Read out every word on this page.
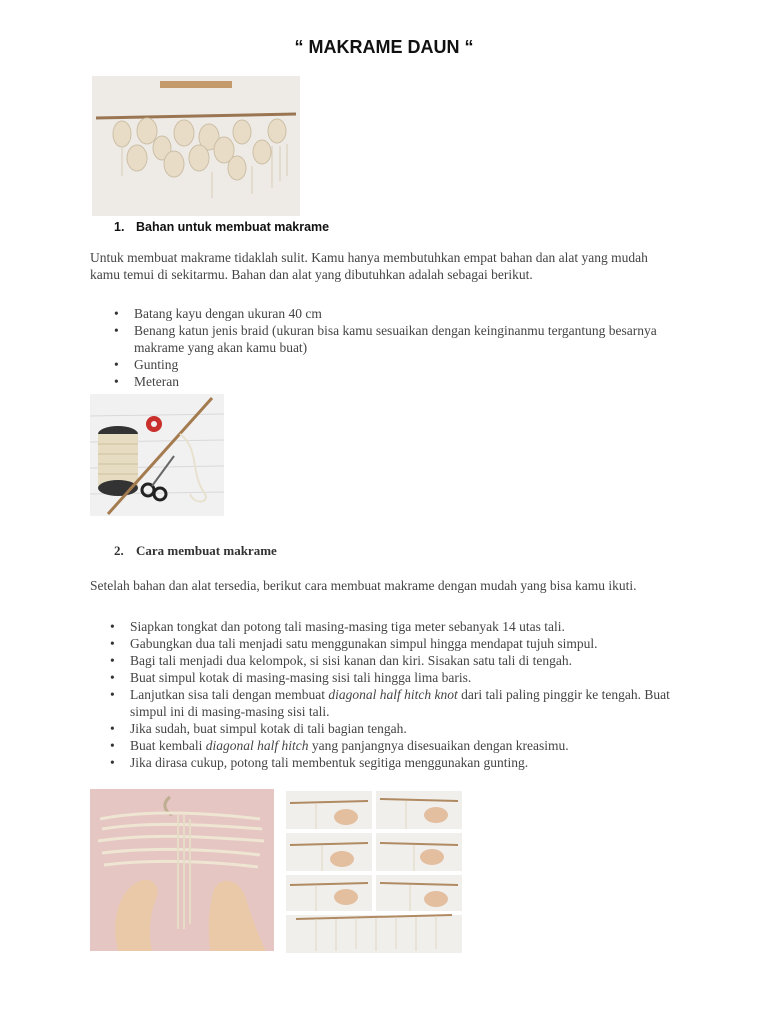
“ MAKRAME DAUN “
1. Bahan untuk membuat makrame
Untuk membuat makrame tidaklah sulit. Kamu hanya membutuhkan empat bahan dan alat yang mudah kamu temui di sekitarmu. Bahan dan alat yang dibutuhkan adalah sebagai berikut.
• Batang kayu dengan ukuran 40 cm
• Benang katun jenis braid (ukuran bisa kamu sesuaikan dengan keinginanmu tergantung besarnya makrame yang akan kamu buat)
• Gunting
• Meteran
2. Cara membuat makrame
Setelah bahan dan alat tersedia, berikut cara membuat makrame dengan mudah yang bisa kamu ikuti.
• Siapkan tongkat dan potong tali masing-masing tiga meter sebanyak 14 utas tali.
• Gabungkan dua tali menjadi satu menggunakan simpul hingga mendapat tujuh simpul.
• Bagi tali menjadi dua kelompok, si sisi kanan dan kiri. Sisakan satu tali di tengah.
• Buat simpul kotak di masing-masing sisi tali hingga lima baris.
• Lanjutkan sisa tali dengan membuat diagonal half hitch knot dari tali paling pinggir ke tengah. Buat simpul ini di masing-masing sisi tali.
• Jika sudah, buat simpul kotak di tali bagian tengah.
• Buat kembali diagonal half hitch yang panjangnya disesuaikan dengan kreasimu.
• Jika dirasa cukup, potong tali membentuk segitiga menggunakan gunting.
